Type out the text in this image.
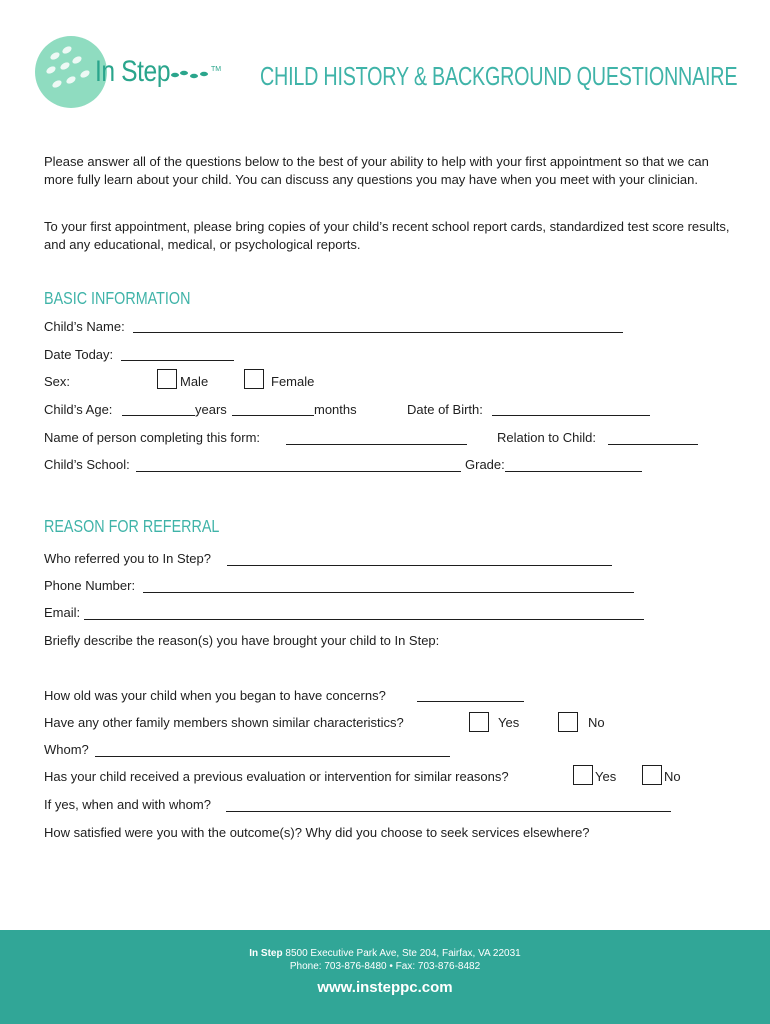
In Step	TM CHILD HISTORY & BACKGROUND QUESTIONNAIRE
Please answer all of the questions below to the best of your ability to help with your first appointment so that we can more fully learn about your child. You can discuss any questions you may have when you meet with your clinician.
To your first appointment, please bring copies of your child’s recent school report cards, standardized test score results, and any educational, medical, or psychological reports.
BASIC INFORMATION
Child’s Name:
Date Today:
Sex:	Male	Female
Child’s Age:	years	months	Date of Birth:
Name of person completing this form:	Relation to Child:
Child’s School:	Grade:
REASON FOR REFERRAL
Who referred you to In Step?
Phone Number:
Email:
Briefly describe the reason(s) you have brought your child to In Step:
How old was your child when you began to have concerns?
Have any other family members shown similar characteristics?	Yes	No
Whom?
Has your child received a previous evaluation or intervention for similar reasons?	Yes	No
If yes, when and with whom?
How satisfied were you with the outcome(s)? Why did you choose to seek services elsewhere?
In Step 8500 Executive Park Ave, Ste 204, Fairfax, VA 22031
Phone: 703-876-8480 • Fax: 703-876-8482
www.insteppc.com
